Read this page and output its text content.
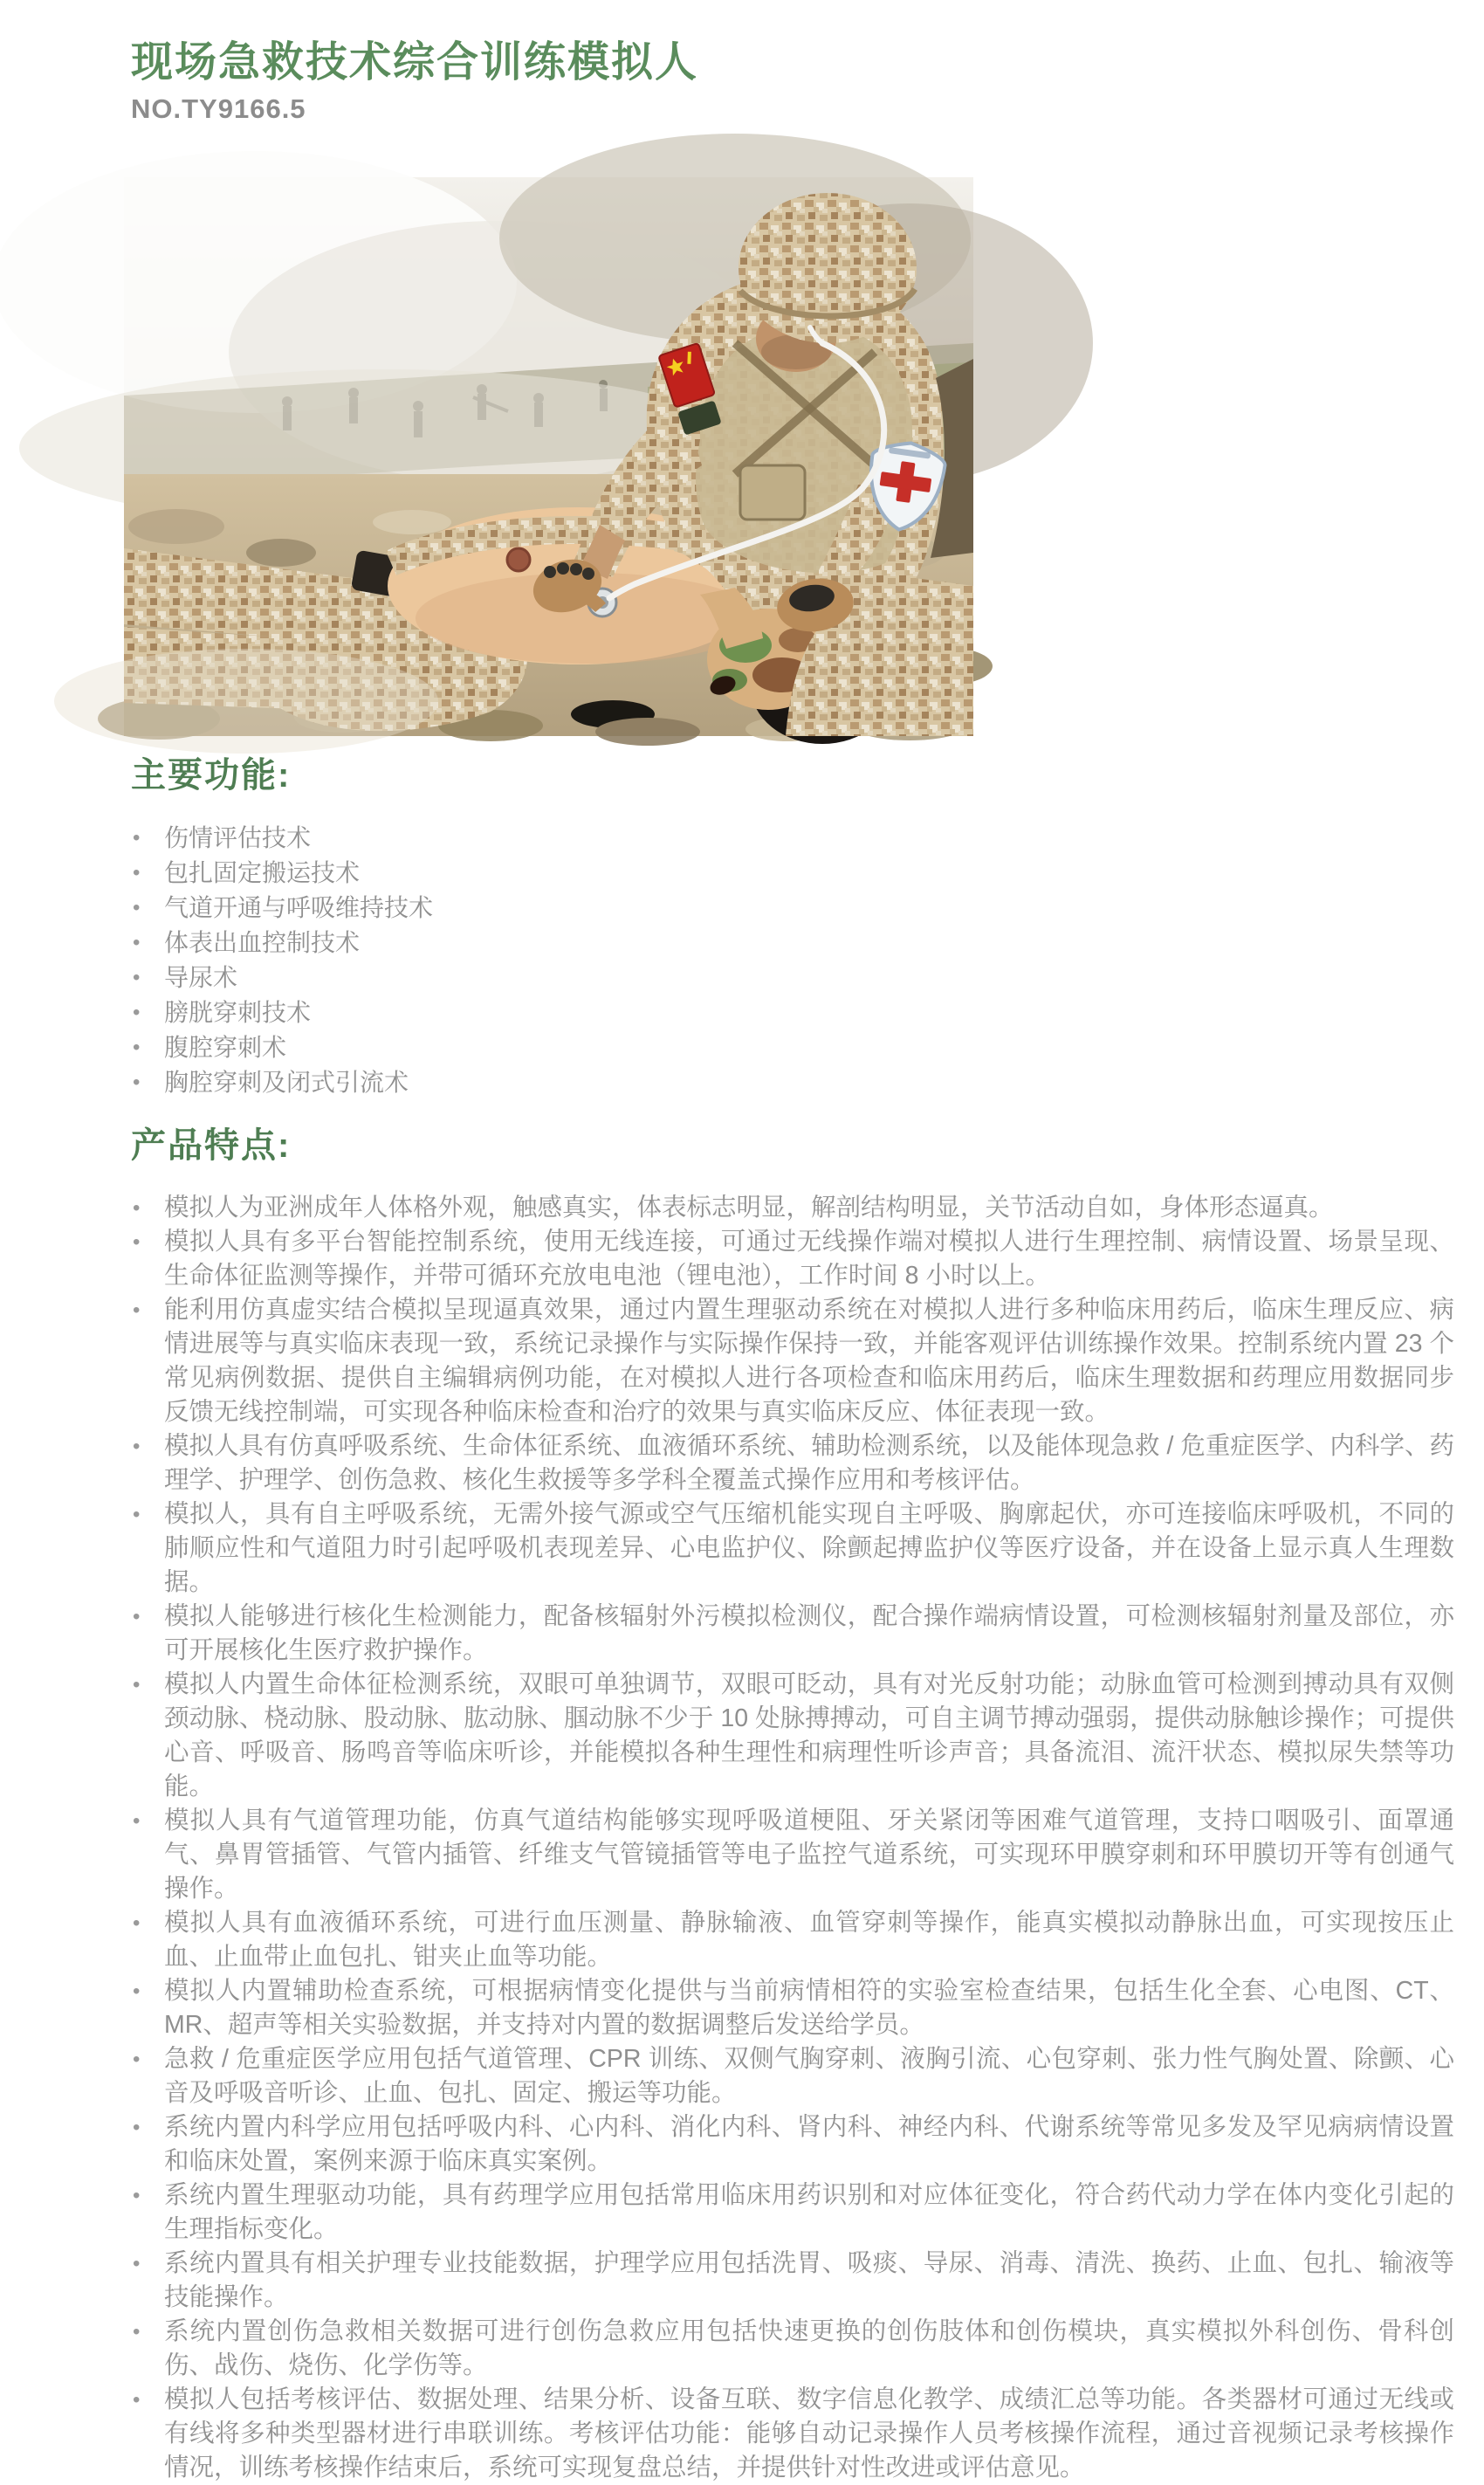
现场急救技术综合训练模拟人
NO.TY9166.5
主要功能:
• 伤情评估技术
• 包扎固定搬运技术
• 气道开通与呼吸维持技术
• 体表出血控制技术
• 导尿术
• 膀胱穿刺技术
• 腹腔穿刺术
• 胸腔穿刺及闭式引流术
产品特点:
• 模拟人为亚洲成年人体格外观，触感真实，体表标志明显，解剖结构明显，关节活动自如，身体形态逼真。
• 模拟人具有多平台智能控制系统，使用无线连接，可通过无线操作端对模拟人进行生理控制、病情设置、场景呈现、生命体征监测等操作，并带可循环充放电电池（锂电池），工作时间 8 小时以上。
• 能利用仿真虚实结合模拟呈现逼真效果，通过内置生理驱动系统在对模拟人进行多种临床用药后，临床生理反应、病情进展等与真实临床表现一致，系统记录操作与实际操作保持一致，并能客观评估训练操作效果。控制系统内置 23 个常见病例数据、提供自主编辑病例功能，在对模拟人进行各项检查和临床用药后，临床生理数据和药理应用数据同步反馈无线控制端，可实现各种临床检查和治疗的效果与真实临床反应、体征表现一致。
• 模拟人具有仿真呼吸系统、生命体征系统、血液循环系统、辅助检测系统，以及能体现急救 / 危重症医学、内科学、药理学、护理学、创伤急救、核化生救援等多学科全覆盖式操作应用和考核评估。
• 模拟人，具有自主呼吸系统，无需外接气源或空气压缩机能实现自主呼吸、胸廓起伏，亦可连接临床呼吸机，不同的肺顺应性和气道阻力时引起呼吸机表现差异、心电监护仪、除颤起搏监护仪等医疗设备，并在设备上显示真人生理数据。
• 模拟人能够进行核化生检测能力，配备核辐射外污模拟检测仪，配合操作端病情设置，可检测核辐射剂量及部位，亦可开展核化生医疗救护操作。
• 模拟人内置生命体征检测系统，双眼可单独调节，双眼可眨动，具有对光反射功能；动脉血管可检测到搏动具有双侧颈动脉、桡动脉、股动脉、肱动脉、腘动脉不少于 10 处脉搏搏动，可自主调节搏动强弱，提供动脉触诊操作；可提供心音、呼吸音、肠鸣音等临床听诊，并能模拟各种生理性和病理性听诊声音；具备流泪、流汗状态、模拟尿失禁等功能。
• 模拟人具有气道管理功能，仿真气道结构能够实现呼吸道梗阻、牙关紧闭等困难气道管理，支持口咽吸引、面罩通气、鼻胃管插管、气管内插管、纤维支气管镜插管等电子监控气道系统，可实现环甲膜穿刺和环甲膜切开等有创通气操作。
• 模拟人具有血液循环系统，可进行血压测量、静脉输液、血管穿刺等操作，能真实模拟动静脉出血，可实现按压止血、止血带止血包扎、钳夹止血等功能。
• 模拟人内置辅助检查系统，可根据病情变化提供与当前病情相符的实验室检查结果，包括生化全套、心电图、CT、MR、超声等相关实验数据，并支持对内置的数据调整后发送给学员。
• 急救 / 危重症医学应用包括气道管理、CPR 训练、双侧气胸穿刺、液胸引流、心包穿刺、张力性气胸处置、除颤、心音及呼吸音听诊、止血、包扎、固定、搬运等功能。
• 系统内置内科学应用包括呼吸内科、心内科、消化内科、肾内科、神经内科、代谢系统等常见多发及罕见病病情设置和临床处置，案例来源于临床真实案例。
• 系统内置生理驱动功能，具有药理学应用包括常用临床用药识别和对应体征变化，符合药代动力学在体内变化引起的生理指标变化。
• 系统内置具有相关护理专业技能数据，护理学应用包括洗胃、吸痰、导尿、消毒、清洗、换药、止血、包扎、输液等技能操作。
• 系统内置创伤急救相关数据可进行创伤急救应用包括快速更换的创伤肢体和创伤模块，真实模拟外科创伤、骨科创伤、战伤、烧伤、化学伤等。
• 模拟人包括考核评估、数据处理、结果分析、设备互联、数字信息化教学、成绩汇总等功能。各类器材可通过无线或有线将多种类型器材进行串联训练。考核评估功能：能够自动记录操作人员考核操作流程，通过音视频记录考核操作情况，训练考核操作结束后，系统可实现复盘总结，并提供针对性改进或评估意见。
